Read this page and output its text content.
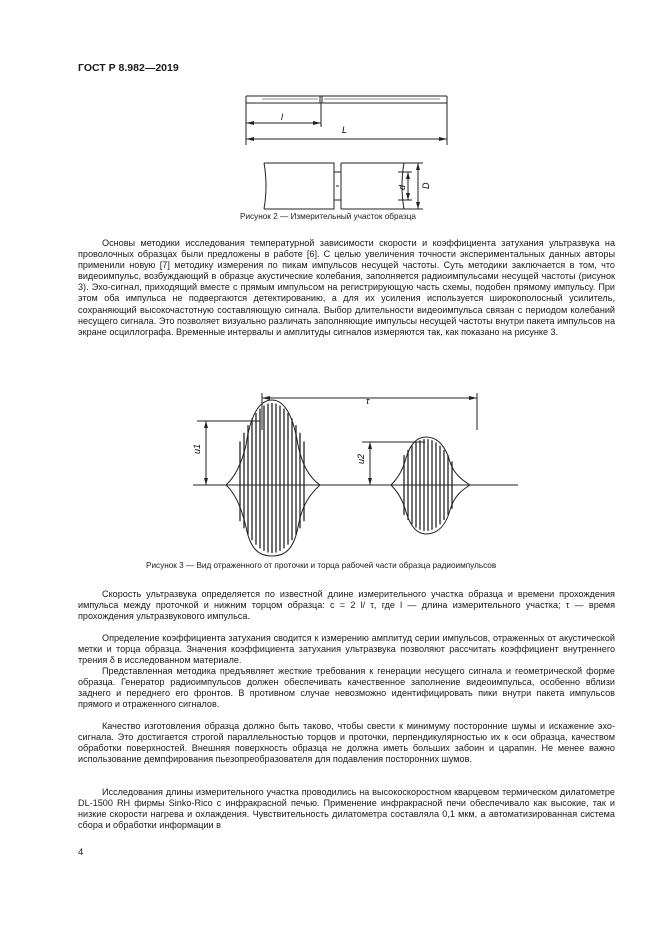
ГОСТ Р 8.982—2019
l
L
d D
Рисунок 2 — Измерительный участок образца

Основы методики исследования температурной зависимости скорости и коэффициента затухания ультразвука на проволочных образцах были предложены в работе [6]. С целью увеличения точности экспериментальных данных авторы применили новую [7] методику измерения по пикам импульсов несущей частоты. Суть методики заключается в том, что видеоимпульс, возбуждающий в образце акустические колебания, заполняется радиоимпульсами несущей частоты (рисунок 3). Эхо-сигнал, приходящий вместе с прямым импульсом на регистрирующую часть схемы, подобен прямому импульсу. При этом оба импульса не подвергаются детектированию, а для их усиления используется широкополосный усилитель, сохраняющий высокочастотную составляющую сигнала. Выбор длительности видеоимпульса связан с периодом колебаний несущего сигнала. Это позволяет визуально различать заполняющие импульсы несущей частоты внутри пакета импульсов на экране осциллографа. Временные интервалы и амплитуды сигналов измеряются так, как показано на рисунке 3.

τ
u1
u2
Рисунок 3 — Вид отраженного от проточки и торца рабочей части образца радиоимпульсов

Скорость ультразвука определяется по известной длине измерительного участка образца и времени прохождения импульса между проточкой и нижним торцом образца: c = 2 l/ τ, где l — длина измерительного участка; τ — время прохождения ультразвукового импульса.

Определение коэффициента затухания сводится к измерению амплитуд серии импульсов, отраженных от акустической метки и торца образца. Значения коэффициента затухания ультразвука позволяют рассчитать коэффициент внутреннего трения δ в исследованном материале.

Представленная методика предъявляет жесткие требования к генерации несущего сигнала и геометрической форме образца. Генератор радиоимпульсов должен обеспечивать качественное заполнение видеоимпульса, особенно вблизи заднего и переднего его фронтов. В противном случае невозможно идентифицировать пики внутри пакета импульсов прямого и отраженного сигналов.

Качество изготовления образца должно быть таково, чтобы свести к минимуму посторонние шумы и искажение эхо-сигнала. Это достигается строгой параллельностью торцов и проточки, перпендикулярностью их к оси образца, качеством обработки поверхностей. Внешняя поверхность образца не должна иметь больших забоин и царапин. Не менее важно использование демпфирования пьезопреобразователя для подавления посторонних шумов.

Исследования длины измерительного участка проводились на высокоскоростном кварцевом термическом дилатометре DL-1500 RH фирмы Sinko-Rico с инфракрасной печью. Применение инфракрасной печи обеспечивало как высокие, так и низкие скорости нагрева и охлаждения. Чувствительность дилатометра составляла 0,1 мкм, а автоматизированная система сбора и обработки информации в

4
